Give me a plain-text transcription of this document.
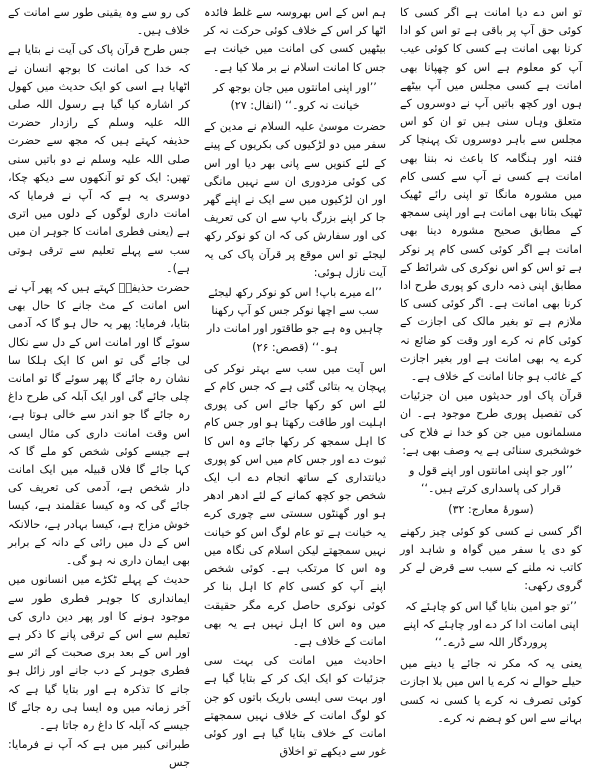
تو اس دے دیا امانت ہے اگر کسی کا کوئی حق آپ پر باقی ہے تو اس کو ادا کرنا بھی امانت ہے کسی کا کوئی عیب آپ کو معلوم ہے اس کو چھپانا بھی امانت ہے کسی مجلس میں آپ بیٹھے ہوں اور کچھ باتیں آپ نے دوسروں کے متعلق وہاں سنی ہیں تو ان کو اس مجلس سے باہر دوسروں تک پہنچا کر فتنہ اور ہنگامہ کا باعث نہ بننا بھی امانت ہے کسی نے آپ سے کسی کام میں مشورہ مانگا تو اپنی رائے ٹھیک ٹھیک بتانا بھی امانت ہے اور اپنی سمجھ کے مطابق صحیح مشورہ دینا بھی امانت ہے اگر کوئی کسی کام پر نوکر ہے تو اس کو اس نوکری کی شرائط کے مطابق اپنی ذمہ داری کو پوری طرح ادا کرنا بھی امانت ہے۔ اگر کوئی کسی کا ملازم ہے تو بغیر مالک کی اجازت کے کوئی کام نہ کرے اور وقت کو ضائع نہ کرے یہ بھی امانت ہے اور بغیر اجازت کے غائب ہو جانا امانت کے خلاف ہے۔

قرآن پاک اور حدیثوں میں ان جزئیات کی تفصیل پوری طرح موجود ہے۔ ان مسلمانوں میں جن کو خدا نے فلاح کی خوشخبری سنائی ہے یہ وصف بھی ہے:

’’اور جو اپنی امانتوں اور اپنے قول و قرار کی پاسداری کرتے ہیں۔‘‘

(سورۂ معارج: ۳۲)

اگر کسی نے کسی کو کوئی چیز رکھنے کو دی یا سفر میں گواہ و شاہد اور کاتب نہ ملنے کے سبب سے قرض لے کر گروی رکھی:

’’تو جو امین بنایا گیا اس کو چاہئے کہ اپنی امانت ادا کر دے اور چاہئے کہ اپنے پروردگار اللہ سے ڈرے۔‘‘

یعنی یہ کہ مکر نہ جائے یا دینے میں حیلے حوالے نہ کرے یا اس میں بلا اجازت کوئی تصرف نہ کرے یا کسی نہ کسی بہانے سے اس کو ہضم نہ کرے۔

ہم اس کے اس بھروسہ سے غلط فائدہ اٹھا کر اس کے خلاف کوئی حرکت نہ کر بیٹھیں کسی کی امانت میں خیانت ہے جس کا امانت اسلام نے بر ملا کیا ہے۔

’’اور اپنی امانتوں میں جان بوجھ کر خیانت نہ کرو۔‘‘ (انفال: ۲۷)

حضرت موسیٰ علیہ السلام نے مدین کے سفر میں دو لڑکیوں کی بکریوں کے پینے کے لئے کنویں سے پانی بھر دیا اور اس کی کوئی مزدوری ان سے نہیں مانگی اور ان لڑکیوں میں سے ایک نے اپنے گھر جا کر اپنے بزرگ باپ سے ان کی تعریف کی اور سفارش کی کہ ان کو نوکر رکھ لیجئے تو اس موقع پر قرآن پاک کی یہ آیت نازل ہوئی:

’’اے میرے باپ! اس کو نوکر رکھ لیجئے سب سے اچھا نوکر جس کو آپ رکھنا چاہیں وہ ہے جو طاقتور اور امانت دار ہو۔‘‘ (قصص: ۲۶)

اس آیت میں سب سے بہتر نوکر کی پہچان یہ بتائی گئی ہے کہ جس کام کے لئے اس کو رکھا جائے اس کی پوری اہلیت اور طاقت رکھتا ہو اور جس کام کا اہل سمجھ کر رکھا جائے وہ اس کا ثبوت دے اور جس کام میں اس کو پوری دیانتداری کے ساتھ انجام دے اب ایک شخص جو کچھ کمانے کے لئے ادھر ادھر ہو اور گھنٹوں سستی سے چوری کرے یہ خیانت ہے تو عام لوگ اس کو خیانت نہیں سمجھتے لیکن اسلام کی نگاہ میں وہ اس کا مرتکب ہے۔ کوئی شخص اپنے آپ کو کسی کام کا اہل بنا کر کوئی نوکری حاصل کرے مگر حقیقت میں وہ اس کا اہل نہیں ہے یہ بھی امانت کے خلاف ہے۔

احادیث میں امانت کی بہت سی جزئیات کو ایک ایک کر کے بتایا گیا ہے اور بہت سی ایسی باریک باتوں کو جن کو لوگ امانت کے خلاف نہیں سمجھتے امانت کے خلاف بتایا گیا ہے اور کوئی غور سے دیکھے تو اخلاق

کی رو سے وہ یقینی طور سے امانت کے خلاف ہیں۔

جس طرح قرآن پاک کی آیت نے بتایا ہے کہ خدا کی امانت کا بوجھ انسان نے اٹھایا ہے اسی کو ایک حدیث میں کھول کر اشارہ کیا گیا ہے رسول اللہ صلی اللہ علیہ وسلم کے رازدار حضرت حذیفہ کہتے ہیں کہ مجھ سے حضرت صلی اللہ علیہ وسلم نے دو باتیں سنی تھیں: ایک کو تو آنکھوں سے دیکھ چکا، دوسری یہ ہے کہ آپ نے فرمایا کہ امانت داری لوگوں کے دلوں میں اتری ہے (یعنی فطری امانت کا جوہر ان میں سب سے پہلے تعلیم سے ترقی ہوتی ہے)۔

حضرت حذیفہؓ کہتے ہیں کہ پھر آپ نے اس امانت کے مٹ جانے کا حال بھی بتایا، فرمایا: پھر یہ حال ہو گا کہ آدمی سوئے گا اور امانت اس کے دل سے نکال لی جائے گی تو اس کا ایک ہلکا سا نشان رہ جائے گا پھر سوئے گا تو امانت چلی جائے گی اور ایک آبلہ کی طرح داغ رہ جائے گا جو اندر سے خالی ہوتا ہے، اس وقت امانت داری کی مثال ایسی ہے جیسے کوئی شخص کو ملے گا کہ کہا جائے گا فلاں قبیلہ میں ایک امانت دار شخص ہے، آدمی کی تعریف کی جائے گی کہ وہ کیسا عقلمند ہے، کیسا خوش مزاج ہے، کیسا بہادر ہے، حالانکہ اس کے دل میں رائی کے دانہ کے برابر بھی ایمان داری نہ ہو گی۔

حدیث کے پہلے ٹکڑے میں انسانوں میں ایمانداری کا جوہر فطری طور سے موجود ہونے کا اور پھر دین داری کی تعلیم سے اس کے ترقی پانے کا ذکر ہے اور اس کے بعد بری صحبت کے اثر سے فطری جوہر کے دب جانے اور زائل ہو جانے کا تذکرہ ہے اور بتایا گیا ہے کہ آخر زمانہ میں وہ ایسا ہی رہ جائے گا جیسے کہ آبلہ کا داغ رہ جاتا ہے۔

طبرانی کبیر میں ہے کہ آپ نے فرمایا: جس
